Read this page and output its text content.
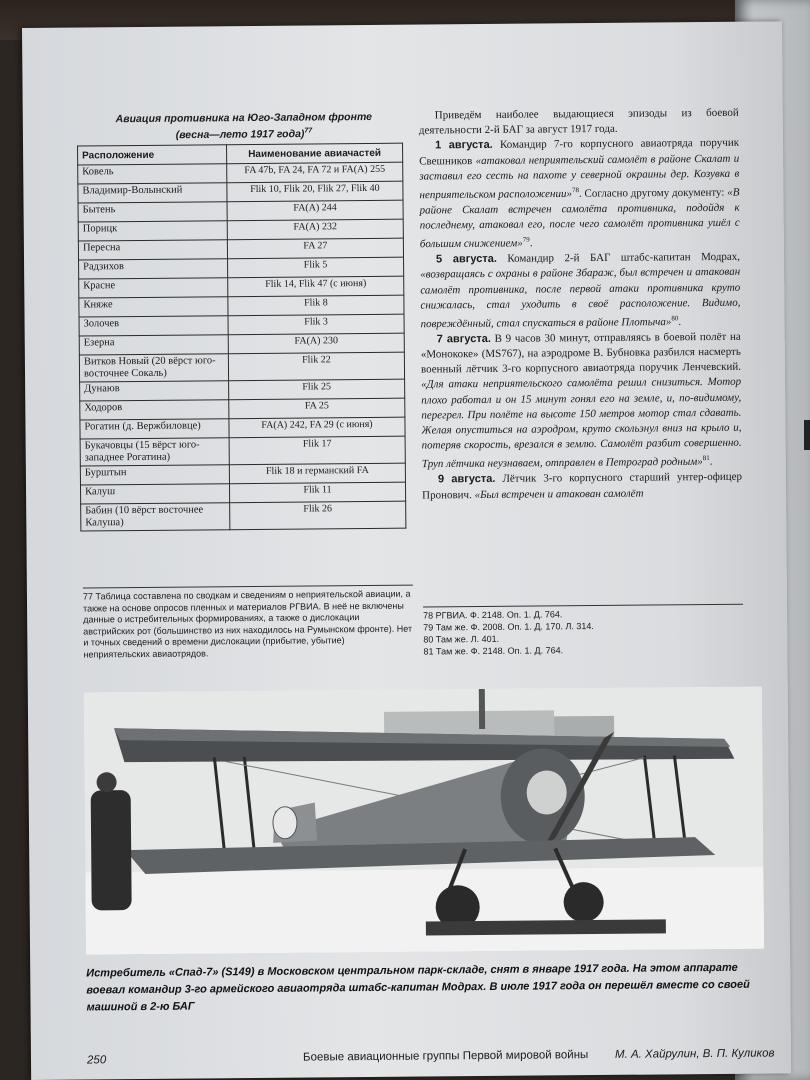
Авиация противника на Юго-Западном фронте
(весна—лето 1917 года)$^{77}$
Расположение	Наименование авиачастей
Ковель	FA 47b, FA 24, FA 72 и FA(A) 255
Владимир-Волынский	Flik 10, Flik 20, Flik 27, Flik 40
Бытень	FA(A) 244
Порицк	FA(A) 232
Пересна	FA 27
Радзихов	Flik 5
Красне	Flik 14, Flik 47 (с июня)
Княже	Flik 8
Золочев	Flik 3
Езерна	FA(A) 230
Витков Новый (20 вёрст юго-восточнее Сокаль)	Flik 22
Дунаюв	Flik 25
Ходоров	FA 25
Рогатин (д. Вержбиловце)	FA(A) 242, FA 29 (с июня)
Букачовцы (15 вёрст юго-западнее Рогатина)	Flik 17
Бурштын	Flik 18 и германский FA
Калуш	Flik 11
Бабин (10 вёрст восточнее Калуша)	Flik 26
77 Таблица составлена по сводкам и сведениям о неприятельской авиации, а также на основе опросов пленных и материалов РГВИА. В неё не включены данные о истребительных формированиях, а также о дислокации австрийских рот (большинство из них находилось на Румынском фронте). Нет и точных сведений о времени дислокации (прибытие, убытие) неприятельских авиаотрядов.

Приведём наиболее выдающиеся эпизоды из боевой деятельности 2-й БАГ за август 1917 года.

1 августа. Командир 7-го корпусного авиаотряда поручик Свешников «атаковал неприятельский самолёт в районе Скалат и заставил его сесть на пахоте у северной окраины дер. Козувка в неприятельском расположении»$^{78}$. Согласно другому документу: «В районе Скалат встречен самолёта противника, подойдя к последнему, атаковал его, после чего самолёт противника ушёл с большим снижением»$^{79}$.

5 августа. Командир 2-й БАГ штабс-капитан Модрах, «возвращаясь с охраны в районе Збараж, был встречен и атакован самолёт противника, после первой атаки противника круто снижалась, стал уходить в своё расположение. Видимо, повреждённый, стал спускаться в районе Плотыча»$^{80}$.

7 августа. В 9 часов 30 минут, отправляясь в боевой полёт на «Монококе» (MS767), на аэродроме В. Бубновка разбился насмерть военный лётчик 3-го корпусного авиаотряда поручик Ленчевский. «Для атаки неприятельского самолёта решил снизиться. Мотор плохо работал и он 15 минут гонял его на земле, и, по-видимому, перегрел. При полёте на высоте 150 метров мотор стал сдавать. Желая опуститься на аэродром, круто скользнул вниз на крыло и, потеряв скорость, врезался в землю. Самолёт разбит совершенно. Труп лётчика неузнаваем, отправлен в Петроград родным»$^{81}$.

9 августа. Лётчик 3-го корпусного старший унтер-офицер Пронович. «Был встречен и атакован самолёт

78 РГВИА. Ф. 2148. Оп. 1. Д. 764.
79 Там же. Ф. 2008. Оп. 1. Д. 170. Л. 314.
80 Там же. Л. 401.
81 Там же. Ф. 2148. Оп. 1. Д. 764.
Истребитель «Спад-7» (S149) в Московском центральном парк-складе, снят в январе 1917 года. На этом аппарате воевал командир 3-го армейского авиаотряда штабс-капитан Модрах. В июле 1917 года он перешёл вместе со своей машиной в 2-ю БАГ
250	Боевые авиационные группы Первой мировой войны М. А. Хайрулин, В. П. Куликов
